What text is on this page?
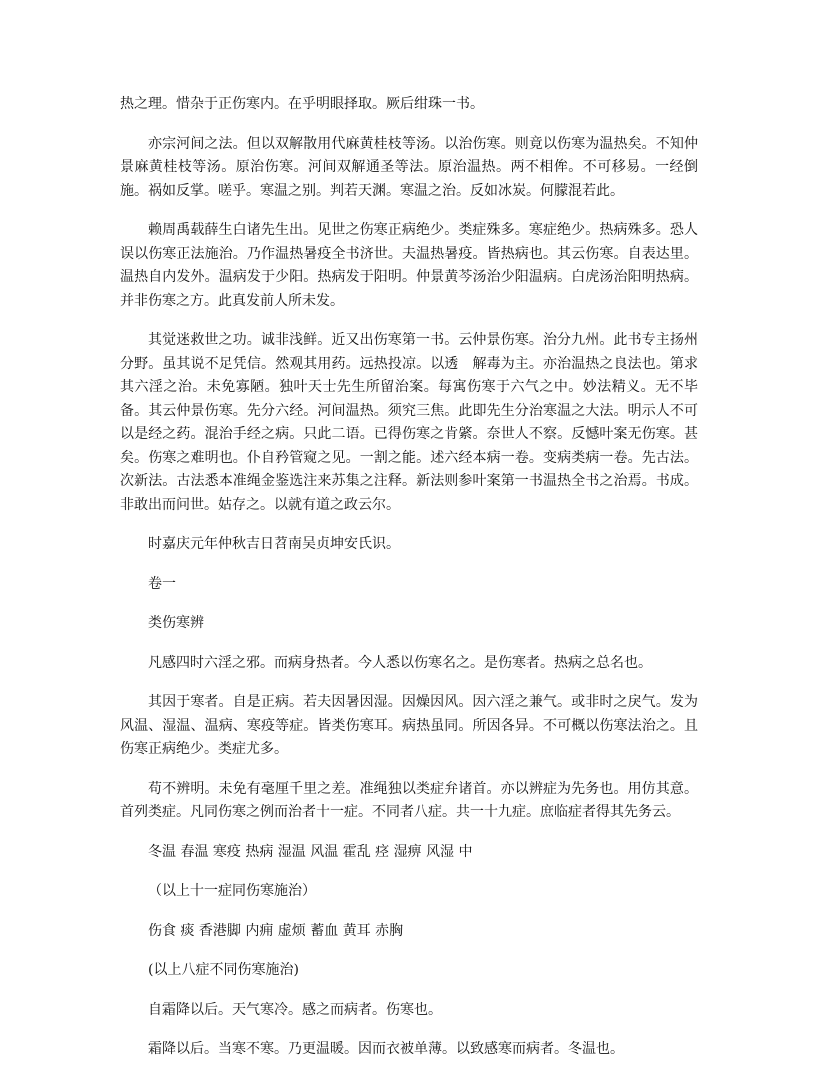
热之理。惜杂于正伤寒内。在乎明眼择取。厥后绀珠一书。

亦宗河间之法。但以双解散用代麻黄桂枝等汤。以治伤寒。则竟以伤寒为温热矣。不知仲景麻黄桂枝等汤。原治伤寒。河间双解通圣等法。原治温热。两不相侔。不可移易。一经倒施。祸如反掌。嗟乎。寒温之别。判若天渊。寒温之治。反如冰炭。何朦混若此。

赖周禹载薛生白诸先生出。见世之伤寒正病绝少。类症殊多。寒症绝少。热病殊多。恐人误以伤寒正法施治。乃作温热暑疫全书济世。夫温热暑疫。皆热病也。其云伤寒。自表达里。温热自内发外。温病发于少阳。热病发于阳明。仲景黄芩汤治少阳温病。白虎汤治阳明热病。并非伤寒之方。此真发前人所未发。

其觉迷救世之功。诚非浅鲜。近又出伤寒第一书。云仲景伤寒。治分九州。此书专主扬州分野。虽其说不足凭信。然观其用药。远热投凉。以透　解毒为主。亦治温热之良法也。第求其六淫之治。未免寡陋。独叶天士先生所留治案。每寓伤寒于六气之中。妙法精义。无不毕备。其云仲景伤寒。先分六经。河间温热。须究三焦。此即先生分治寒温之大法。明示人不可以是经之药。混治手经之病。只此二语。已得伤寒之肯綮。奈世人不察。反憾叶案无伤寒。甚矣。伤寒之难明也。仆自矜管窥之见。一割之能。述六经本病一卷。变病类病一卷。先古法。次新法。古法悉本准绳金鉴选注来苏集之注释。新法则参叶案第一书温热全书之治焉。书成。非敢出而问世。姑存之。以就有道之政云尔。

时嘉庆元年仲秋吉日苕南吴贞坤安氏识。

卷一

类伤寒辨

凡感四时六淫之邪。而病身热者。今人悉以伤寒名之。是伤寒者。热病之总名也。

其因于寒者。自是正病。若夫因暑因湿。因燥因风。因六淫之兼气。或非时之戾气。发为风温、湿温、温病、寒疫等症。皆类伤寒耳。病热虽同。所因各异。不可概以伤寒法治之。且伤寒正病绝少。类症尤多。

苟不辨明。未免有毫厘千里之差。准绳独以类症弁诸首。亦以辨症为先务也。用仿其意。首列类症。凡同伤寒之例而治者十一症。不同者八症。共一十九症。庶临症者得其先务云。

冬温 春温 寒疫 热病 湿温 风温 霍乱 痉 湿痹 风湿 中

（以上十一症同伤寒施治）

伤食 痰 香港脚 内痈 虚烦 蓄血 黄耳 赤胸

(以上八症不同伤寒施治)

自霜降以后。天气寒冷。感之而病者。伤寒也。

霜降以后。当寒不寒。乃更温暖。因而衣被单薄。以致感寒而病者。冬温也。
